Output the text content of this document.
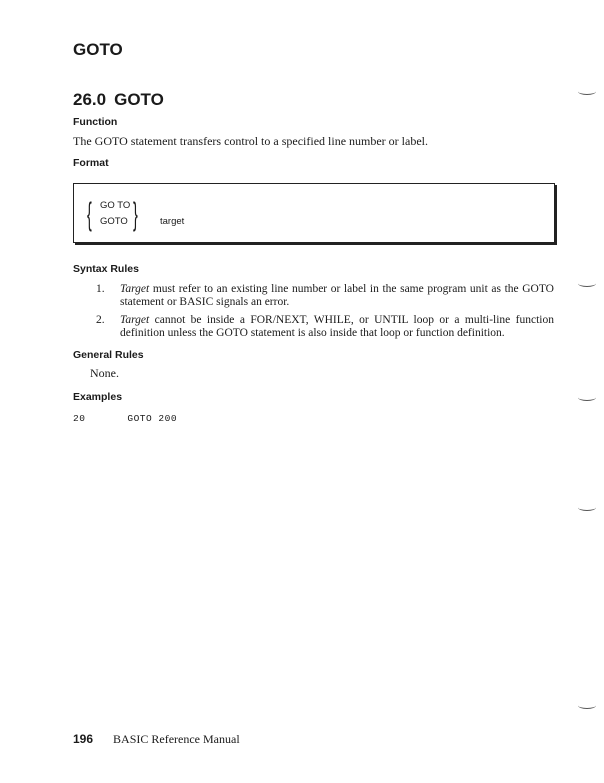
GOTO
26.0 GOTO
Function
The GOTO statement transfers control to a specified line number or label.
Format
{ GO TO
GOTO } target
Syntax Rules
1. Target must refer to an existing line number or label in the same program unit as the GOTO statement or BASIC signals an error.
2. Target cannot be inside a FOR/NEXT, WHILE, or UNTIL loop or a multi-line function definition unless the GOTO statement is also inside that loop or function definition.
General Rules
None.
Examples
20	GOTO 200
196 BASIC Reference Manual
